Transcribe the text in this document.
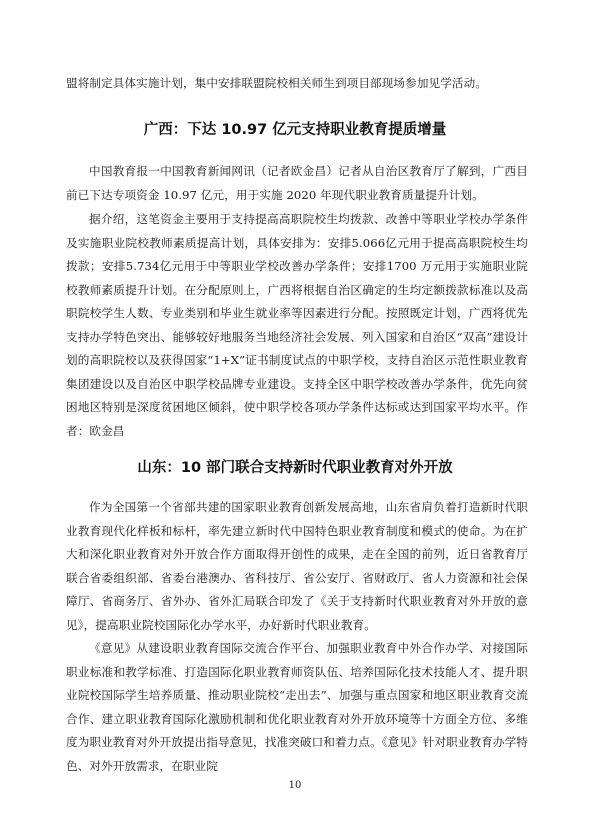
盟将制定具体实施计划，集中安排联盟院校相关师生到项目部现场参加见学活动。

广西：下达 10.97 亿元支持职业教育提质增量

中国教育报一中国教育新闻网讯（记者欧金昌）记者从自治区教育厅了解到，广西目前已下达专项资金 10.97 亿元，用于实施 2020 年现代职业教育质量提升计划。

据介绍，这笔资金主要用于支持提高高职院校生均拨款、改善中等职业学校办学条件及实施职业院校教师素质提高计划，具体安排为：安排5.066亿元用于提高高职院校生均拨款；安排5.734亿元用于中等职业学校改善办学条件；安排1700 万元用于实施职业院校教师素质提升计划。在分配原则上，广西将根据自治区确定的生均定额拨款标准以及高职院校学生人数、专业类别和毕业生就业率等因素进行分配。按照既定计划，广西将优先支持办学特色突出、能够较好地服务当地经济社会发展、列入国家和自治区“双高”建设计划的高职院校以及获得国家“1+X”证书制度试点的中职学校，支持自治区示范性职业教育集团建设以及自治区中职学校品牌专业建设。支持全区中职学校改善办学条件，优先向贫困地区特别是深度贫困地区倾斜，使中职学校各项办学条件达标或达到国家平均水平。作者：欧金昌

山东：10 部门联合支持新时代职业教育对外开放

作为全国第一个省部共建的国家职业教育创新发展高地，山东省肩负着打造新时代职业教育现代化样板和标杆，率先建立新时代中国特色职业教育制度和模式的使命。为在扩大和深化职业教育对外开放合作方面取得开创性的成果，走在全国的前列，近日省教育厅联合省委组织部、省委台港澳办、省科技厅、省公安厅、省财政厅、省人力资源和社会保障厅、省商务厅、省外办、省外汇局联合印发了《关于支持新时代职业教育对外开放的意见》，提高职业院校国际化办学水平，办好新时代职业教育。

《意见》从建设职业教育国际交流合作平台、加强职业教育中外合作办学、对接国际职业标准和教学标准、打造国际化职业教育师资队伍、培养国际化技术技能人才、提升职业院校国际学生培养质量、推动职业院校“走出去”、加强与重点国家和地区职业教育交流合作、建立职业教育国际化激励机制和优化职业教育对外开放环境等十方面全方位、多维度为职业教育对外开放提出指导意见，找准突破口和着力点。《意见》针对职业教育办学特色、对外开放需求，在职业院

10
